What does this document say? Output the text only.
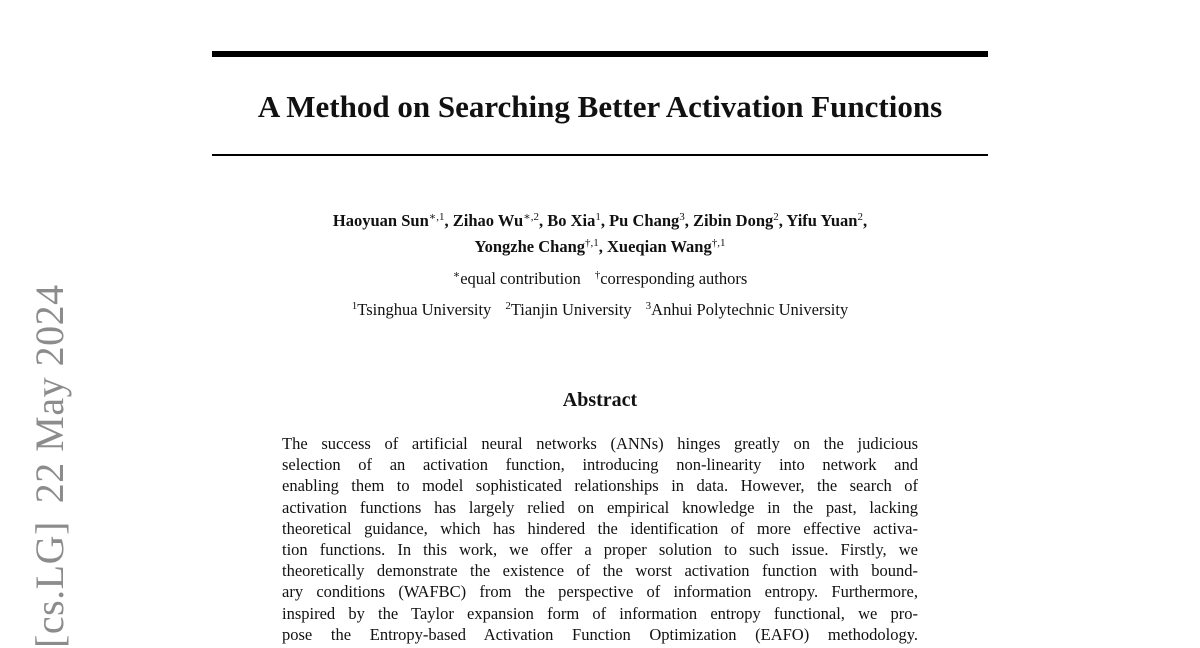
[cs.LG]22 May 2024
A Method on Searching Better Activation Functions
Haoyuan Sun$^{∗,1}$, Zihao $Wu^{∗,2}$, Bo Xia$^1$, Pu Chang$^3$, Zibin Dong$^2$, Yifu Yuan$^2$,
Yongzhe Chang$^{\dagger,1}$, Xueqian Wang$^{\dagger,1}$
∗equal contribution †corresponding authors
$^1$Tsinghua University $^2$Tianjin University $^3$Anhui Polytechnic University
Abstract
The success of artificial neural networks (ANNs) hinges greatly on the judicious
selection of an activation function, introducing non-linearity into network and
enabling them to model sophisticated relationships in data. However, the search of
activation functions has largely relied on empirical knowledge in the past, lacking
theoretical guidance, which has hindered the identification of more effective activa-
tion functions. In this work, we offer a proper solution to such issue. Firstly, we
theoretically demonstrate the existence of the worst activation function with bound-
ary conditions (WAFBC) from the perspective of information entropy. Furthermore,
inspired by the Taylor expansion form of information entropy functional, we pro-
pose the Entropy-based Activation Function Optimization (EAFO) methodology.
